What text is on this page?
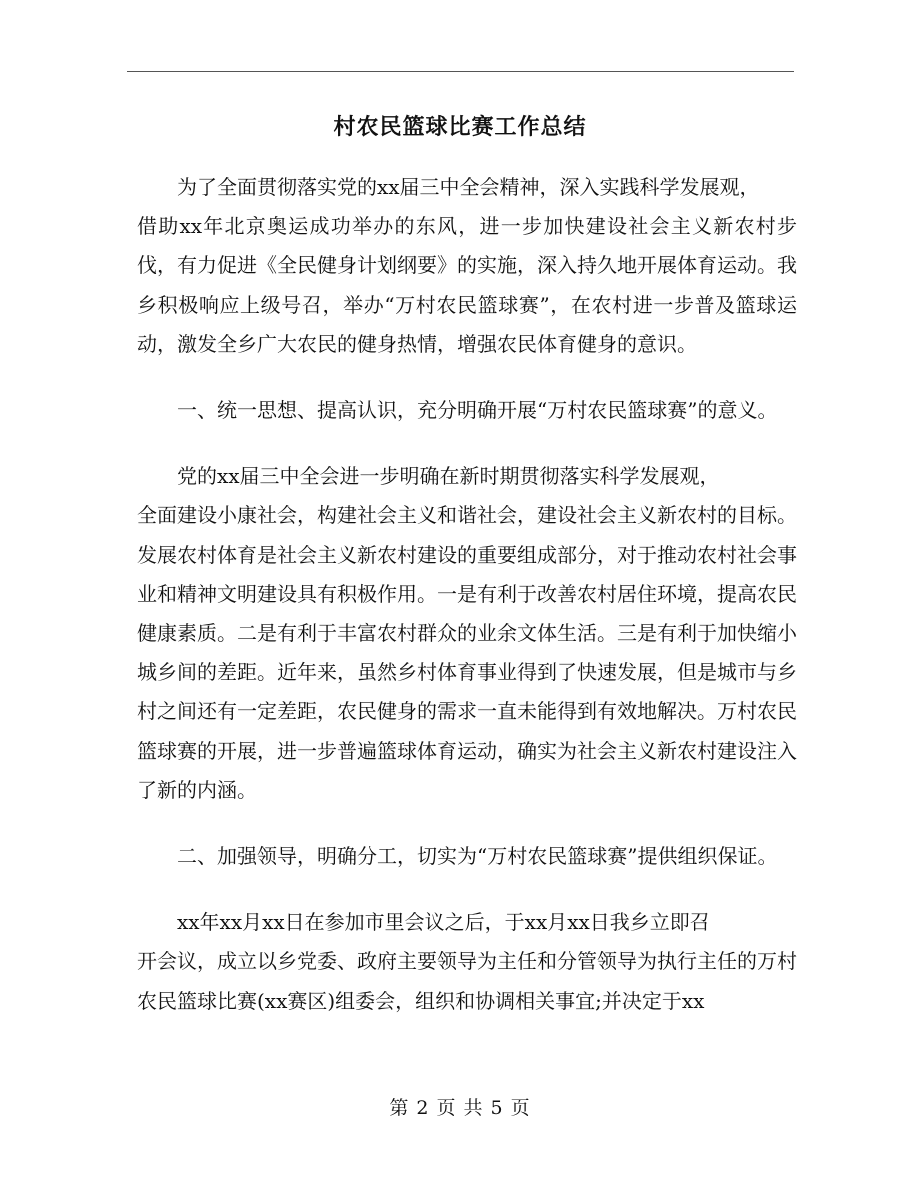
村农民篮球比赛工作总结

为了全面贯彻落实党的xx届三中全会精神，深入实践科学发展观，
借助xx年北京奥运成功举办的东风，进一步加快建设社会主义新农村步伐，有力促进《全民健身计划纲要》的实施，深入持久地开展体育运动。我乡积极响应上级号召，举办“万村农民篮球赛”，在农村进一步普及篮球运动，激发全乡广大农民的健身热情，增强农民体育健身的意识。

一、统一思想、提高认识，充分明确开展“万村农民篮球赛”的意义。

党的xx届三中全会进一步明确在新时期贯彻落实科学发展观，
全面建设小康社会，构建社会主义和谐社会，建设社会主义新农村的目标。发展农村体育是社会主义新农村建设的重要组成部分，对于推动农村社会事业和精神文明建设具有积极作用。一是有利于改善农村居住环境，提高农民健康素质。二是有利于丰富农村群众的业余文体生活。三是有利于加快缩小城乡间的差距。近年来，虽然乡村体育事业得到了快速发展，但是城市与乡村之间还有一定差距，农民健身的需求一直未能得到有效地解决。万村农民篮球赛的开展，进一步普遍篮球体育运动，确实为社会主义新农村建设注入了新的内涵。

二、加强领导，明确分工，切实为“万村农民篮球赛”提供组织保证。

xx年xx月xx日在参加市里会议之后，于xx月xx日我乡立即召
开会议，成立以乡党委、政府主要领导为主任和分管领导为执行主任的万村农民篮球比赛(xx赛区)组委会，组织和协调相关事宜;并决定于xx

第 2 页 共 5 页
